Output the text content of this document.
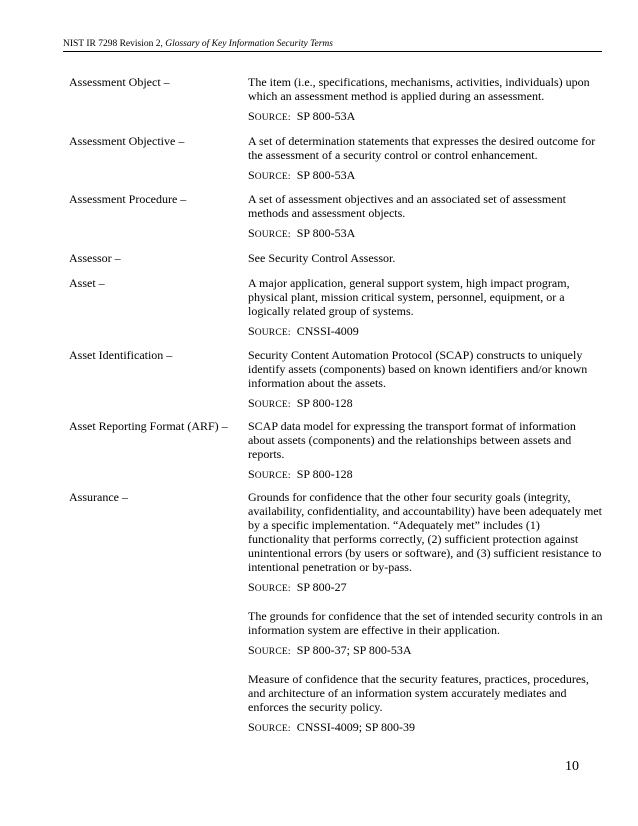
NIST IR 7298 Revision 2, Glossary of Key Information Security Terms
Assessment Object –	The item (i.e., specifications, mechanisms, activities, individuals) upon which an assessment method is applied during an assessment.
SOURCE: SP 800-53A
Assessment Objective –	A set of determination statements that expresses the desired outcome for the assessment of a security control or control enhancement.
SOURCE: SP 800-53A
Assessment Procedure –	A set of assessment objectives and an associated set of assessment methods and assessment objects.
SOURCE: SP 800-53A
Assessor –	See Security Control Assessor.
Asset –	A major application, general support system, high impact program, physical plant, mission critical system, personnel, equipment, or a logically related group of systems.
SOURCE: CNSSI-4009
Asset Identification –	Security Content Automation Protocol (SCAP) constructs to uniquely identify assets (components) based on known identifiers and/or known information about the assets.
SOURCE: SP 800-128
Asset Reporting Format (ARF) –	SCAP data model for expressing the transport format of information about assets (components) and the relationships between assets and reports.
SOURCE: SP 800-128
Assurance –	Grounds for confidence that the other four security goals (integrity, availability, confidentiality, and accountability) have been adequately met by a specific implementation. “Adequately met” includes (1) functionality that performs correctly, (2) sufficient protection against unintentional errors (by users or software), and (3) sufficient resistance to intentional penetration or by-pass.
SOURCE: SP 800-27
The grounds for confidence that the set of intended security controls in an information system are effective in their application.
SOURCE: SP 800-37; SP 800-53A
Measure of confidence that the security features, practices, procedures, and architecture of an information system accurately mediates and enforces the security policy.
SOURCE: CNSSI-4009; SP 800-39
10
